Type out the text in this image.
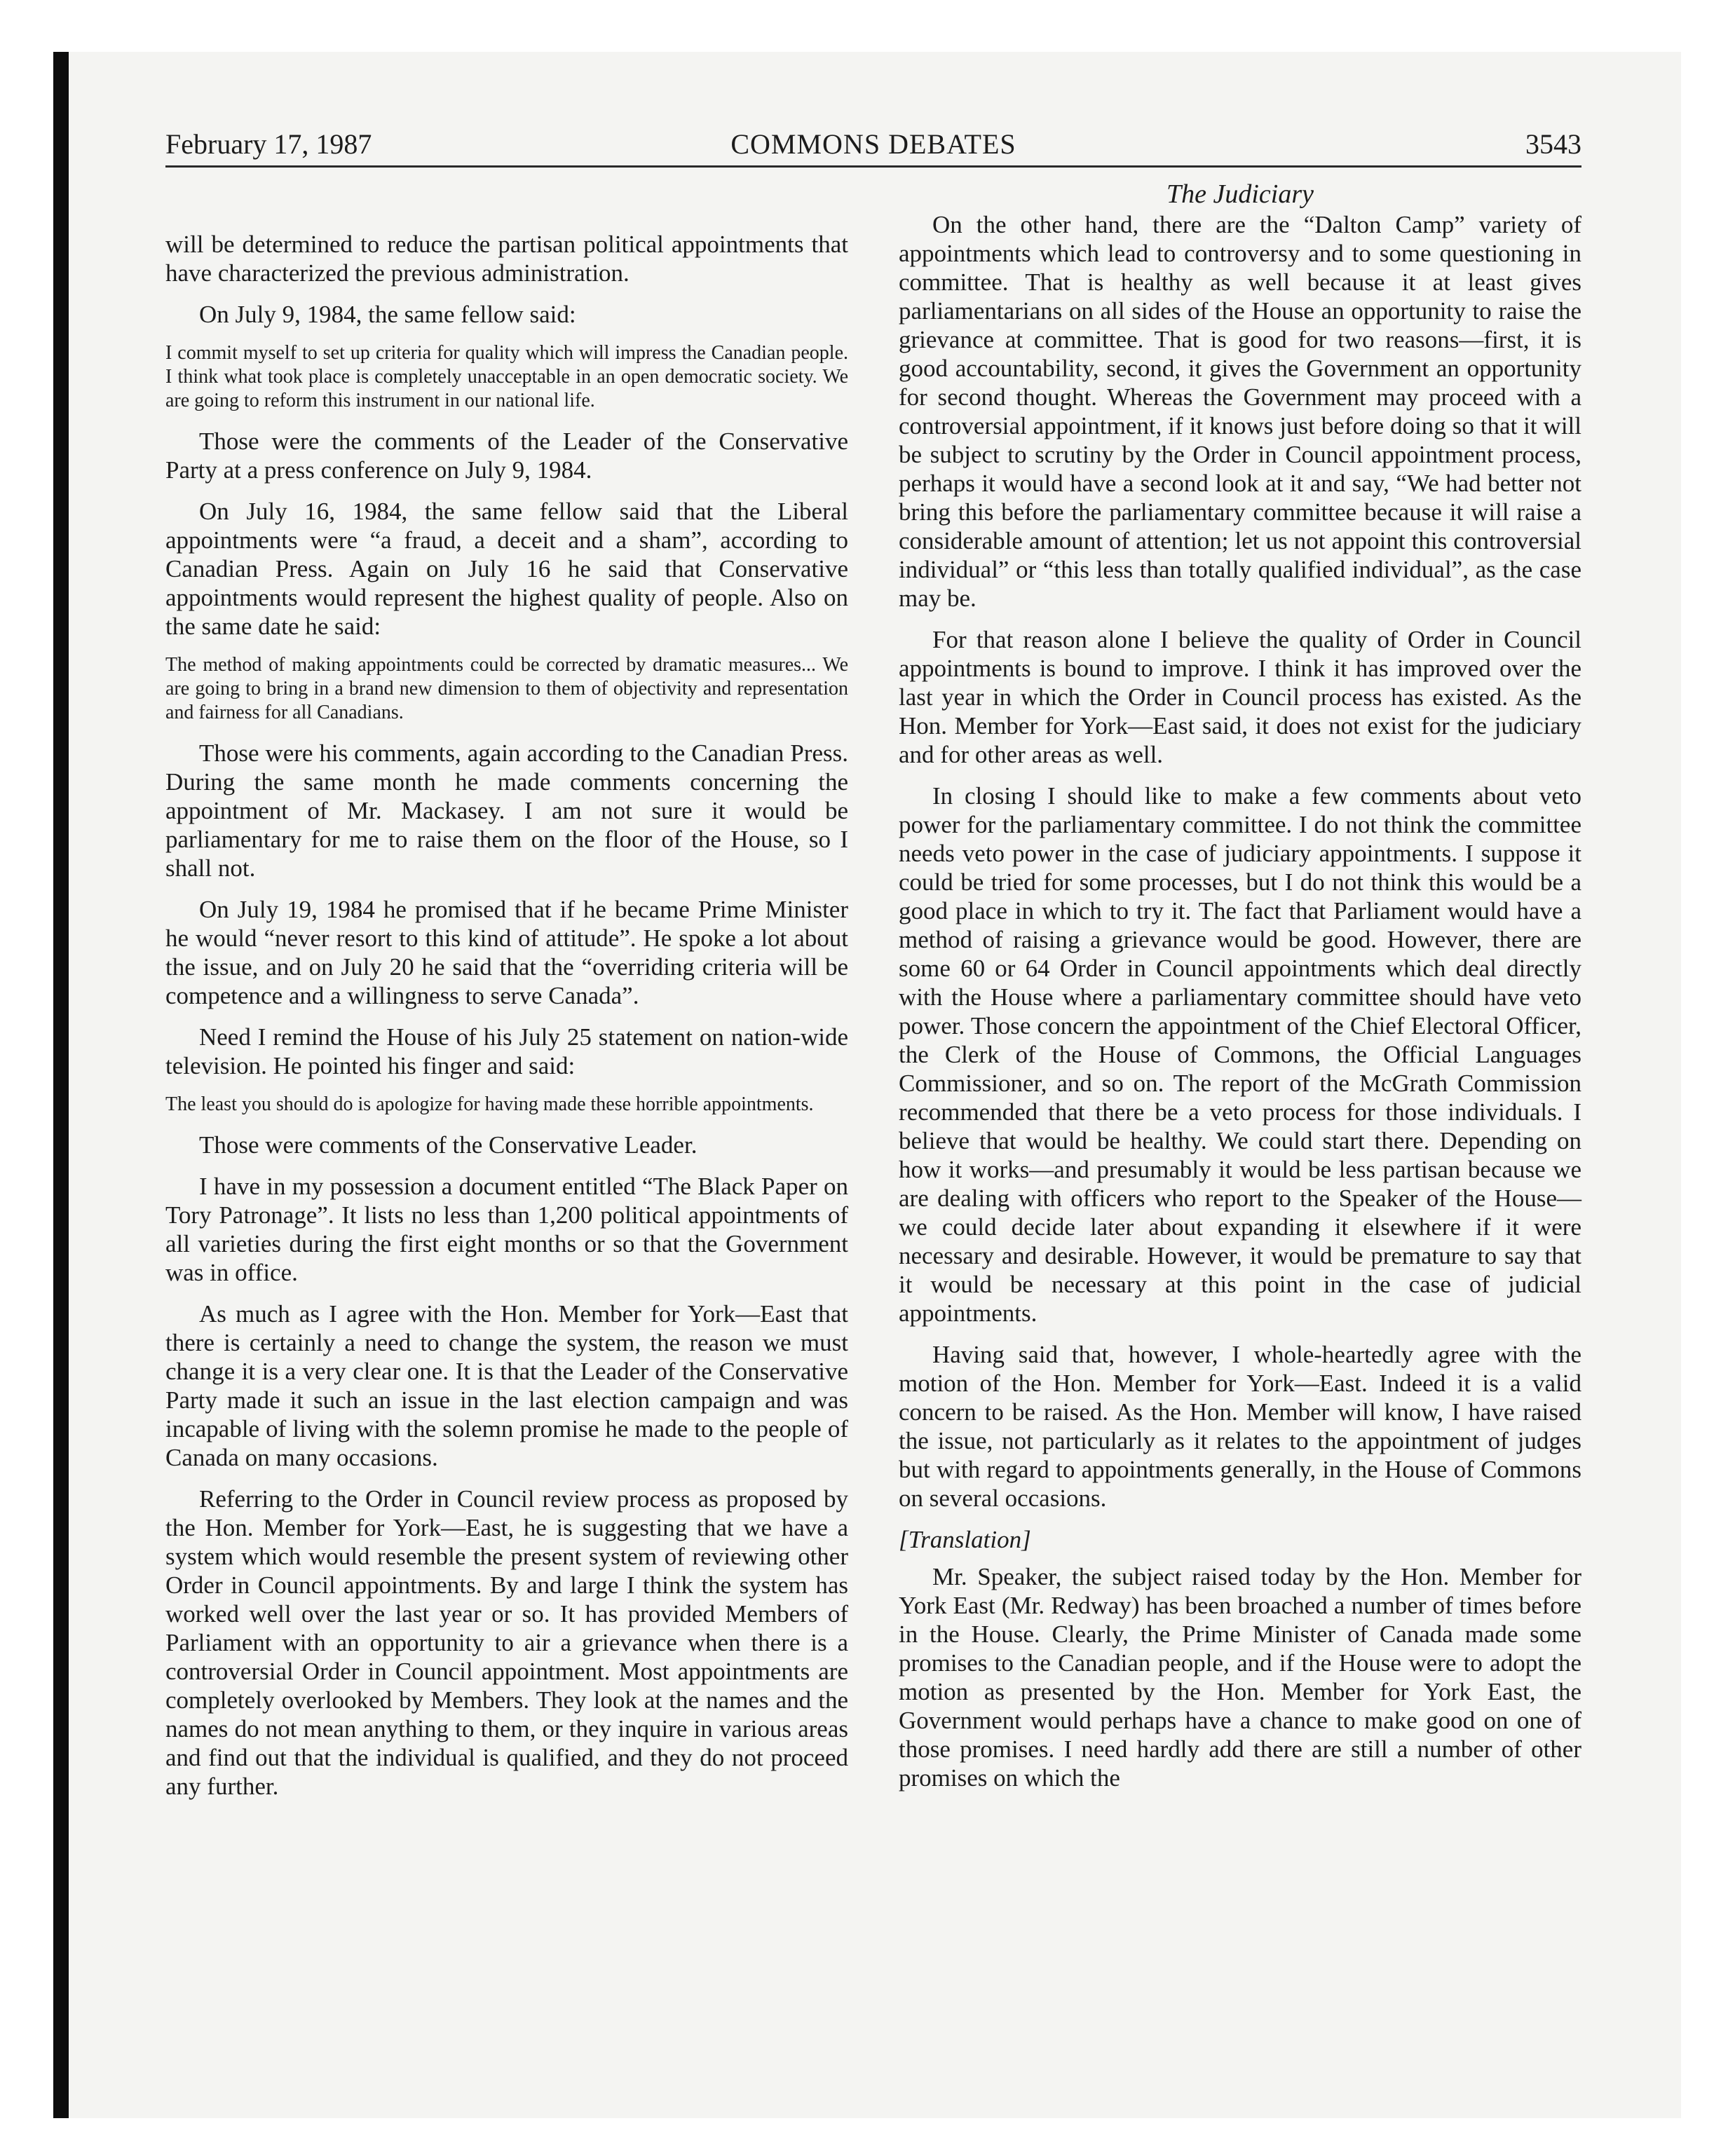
February 17, 1987	COMMONS DEBATES	3543
The Judiciary

will be determined to reduce the partisan political appointments that have characterized the previous administration.

On July 9, 1984, the same fellow said:

I commit myself to set up criteria for quality which will impress the Canadian people. I think what took place is completely unacceptable in an open democratic society. We are going to reform this instrument in our national life.

Those were the comments of the Leader of the Conservative Party at a press conference on July 9, 1984.

On July 16, 1984, the same fellow said that the Liberal appointments were “a fraud, a deceit and a sham”, according to Canadian Press. Again on July 16 he said that Conservative appointments would represent the highest quality of people. Also on the same date he said:

The method of making appointments could be corrected by dramatic measures... We are going to bring in a brand new dimension to them of objectivity and representation and fairness for all Canadians.

Those were his comments, again according to the Canadian Press. During the same month he made comments concerning the appointment of Mr. Mackasey. I am not sure it would be parliamentary for me to raise them on the floor of the House, so I shall not.

On July 19, 1984 he promised that if he became Prime Minister he would “never resort to this kind of attitude”. He spoke a lot about the issue, and on July 20 he said that the “overriding criteria will be competence and a willingness to serve Canada”.

Need I remind the House of his July 25 statement on nation-wide television. He pointed his finger and said:

The least you should do is apologize for having made these horrible appointments.

Those were comments of the Conservative Leader.

I have in my possession a document entitled “The Black Paper on Tory Patronage”. It lists no less than 1,200 political appointments of all varieties during the first eight months or so that the Government was in office.

As much as I agree with the Hon. Member for York—East that there is certainly a need to change the system, the reason we must change it is a very clear one. It is that the Leader of the Conservative Party made it such an issue in the last election campaign and was incapable of living with the solemn promise he made to the people of Canada on many occasions.

Referring to the Order in Council review process as proposed by the Hon. Member for York—East, he is suggesting that we have a system which would resemble the present system of reviewing other Order in Council appointments. By and large I think the system has worked well over the last year or so. It has provided Members of Parliament with an opportunity to air a grievance when there is a controversial Order in Council appointment. Most appointments are completely overlooked by Members. They look at the names and the names do not mean anything to them, or they inquire in various areas and find out that the individual is qualified, and they do not proceed any further.

On the other hand, there are the “Dalton Camp” variety of appointments which lead to controversy and to some questioning in committee. That is healthy as well because it at least gives parliamentarians on all sides of the House an opportunity to raise the grievance at committee. That is good for two reasons—first, it is good accountability, second, it gives the Government an opportunity for second thought. Whereas the Government may proceed with a controversial appointment, if it knows just before doing so that it will be subject to scrutiny by the Order in Council appointment process, perhaps it would have a second look at it and say, “We had better not bring this before the parliamentary committee because it will raise a considerable amount of attention; let us not appoint this controversial individual” or “this less than totally qualified individual”, as the case may be.

For that reason alone I believe the quality of Order in Council appointments is bound to improve. I think it has improved over the last year in which the Order in Council process has existed. As the Hon. Member for York—East said, it does not exist for the judiciary and for other areas as well.

In closing I should like to make a few comments about veto power for the parliamentary committee. I do not think the committee needs veto power in the case of judiciary appointments. I suppose it could be tried for some processes, but I do not think this would be a good place in which to try it. The fact that Parliament would have a method of raising a grievance would be good. However, there are some 60 or 64 Order in Council appointments which deal directly with the House where a parliamentary committee should have veto power. Those concern the appointment of the Chief Electoral Officer, the Clerk of the House of Commons, the Official Languages Commissioner, and so on. The report of the McGrath Commission recommended that there be a veto process for those individuals. I believe that would be healthy. We could start there. Depending on how it works—and presumably it would be less partisan because we are dealing with officers who report to the Speaker of the House—we could decide later about expanding it elsewhere if it were necessary and desirable. However, it would be premature to say that it would be necessary at this point in the case of judicial appointments.

Having said that, however, I whole-heartedly agree with the motion of the Hon. Member for York—East. Indeed it is a valid concern to be raised. As the Hon. Member will know, I have raised the issue, not particularly as it relates to the appointment of judges but with regard to appointments generally, in the House of Commons on several occasions.

[Translation]

Mr. Speaker, the subject raised today by the Hon. Member for York East (Mr. Redway) has been broached a number of times before in the House. Clearly, the Prime Minister of Canada made some promises to the Canadian people, and if the House were to adopt the motion as presented by the Hon. Member for York East, the Government would perhaps have a chance to make good on one of those promises. I need hardly add there are still a number of other promises on which the
